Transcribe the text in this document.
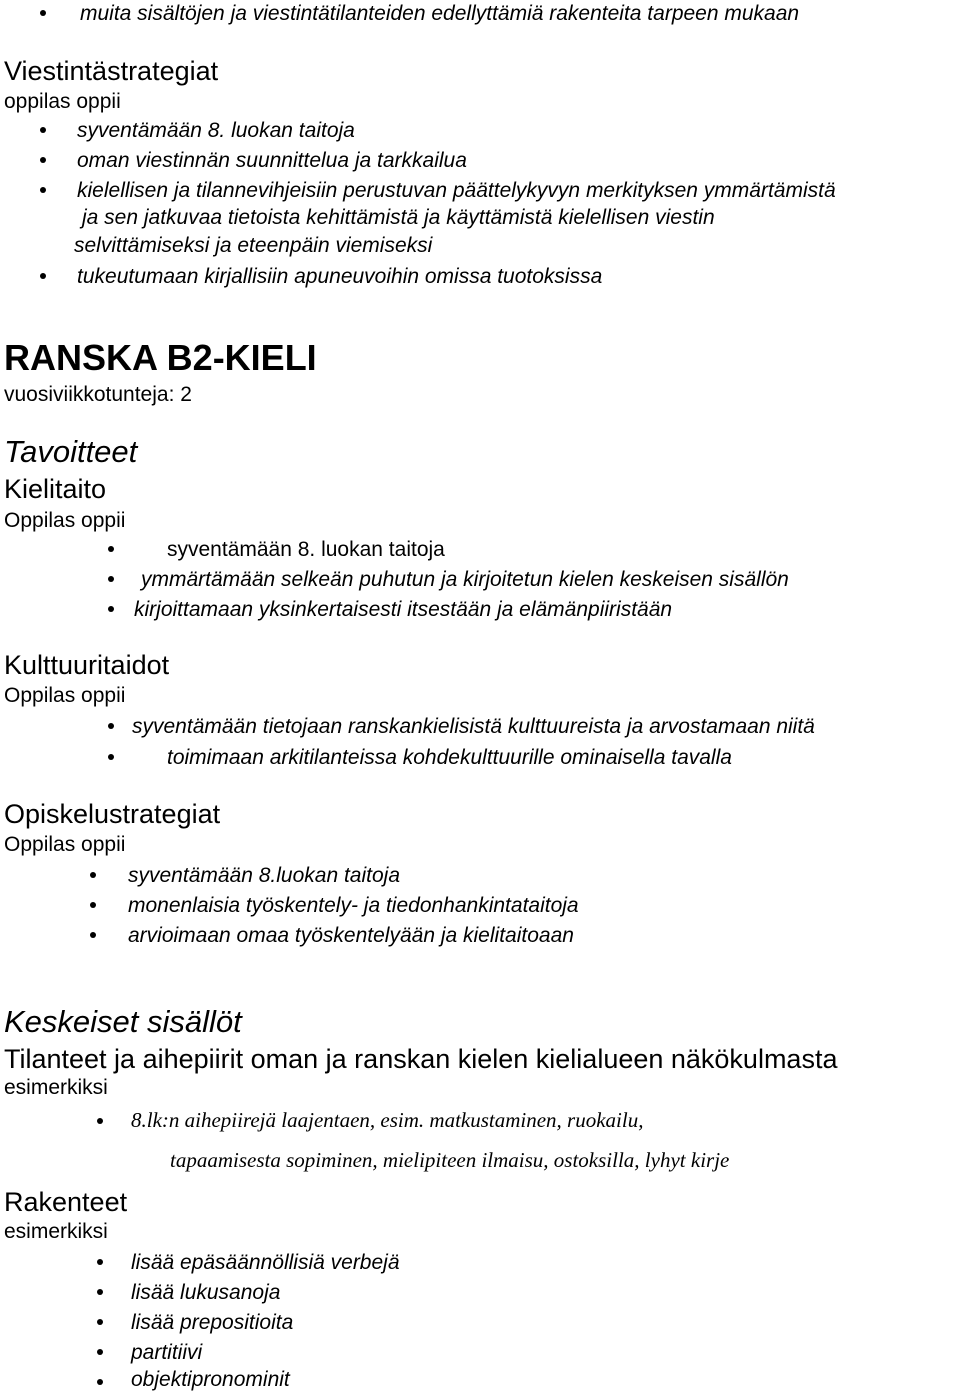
muita sisältöjen ja viestintätilanteiden edellyttämiä rakenteita tarpeen mukaan
Viestintästrategiat
oppilas oppii
syventämään 8. luokan taitoja
oman viestinnän suunnittelua ja tarkkailua
kielellisen ja tilannevihjeisiin perustuvan päättelykyvyn merkityksen ymmärtämistä
ja sen jatkuvaa tietoista kehittämistä ja käyttämistä kielellisen viestin
selvittämiseksi ja eteenpäin viemiseksi
tukeutumaan kirjallisiin apuneuvoihin omissa tuotoksissa
RANSKA B2-KIELI
vuosiviikkotunteja: 2
Tavoitteet
Kielitaito
Oppilas oppii
syventämään 8. luokan taitoja
ymmärtämään selkeän puhutun ja kirjoitetun kielen keskeisen sisällön
kirjoittamaan yksinkertaisesti itsestään ja elämänpiiristään
Kulttuuritaidot
Oppilas oppii
syventämään tietojaan ranskankielisistä kulttuureista ja arvostamaan niitä
toimimaan arkitilanteissa kohdekulttuurille ominaisella tavalla
Opiskelustrategiat
Oppilas oppii
syventämään 8.luokan taitoja
monenlaisia työskentely- ja tiedonhankintataitoja
arvioimaan omaa työskentelyään ja kielitaitoaan
Keskeiset sisällöt
Tilanteet ja aihepiirit oman ja ranskan kielen kielialueen näkökulmasta
esimerkiksi
8.lk:n aihepiirejä laajentaen, esim. matkustaminen, ruokailu,
tapaamisesta sopiminen, mielipiteen ilmaisu, ostoksilla, lyhyt kirje
Rakenteet
esimerkiksi
lisää epäsäännöllisiä verbejä
lisää lukusanoja
lisää prepositioita
partitiivi
objektipronominit
